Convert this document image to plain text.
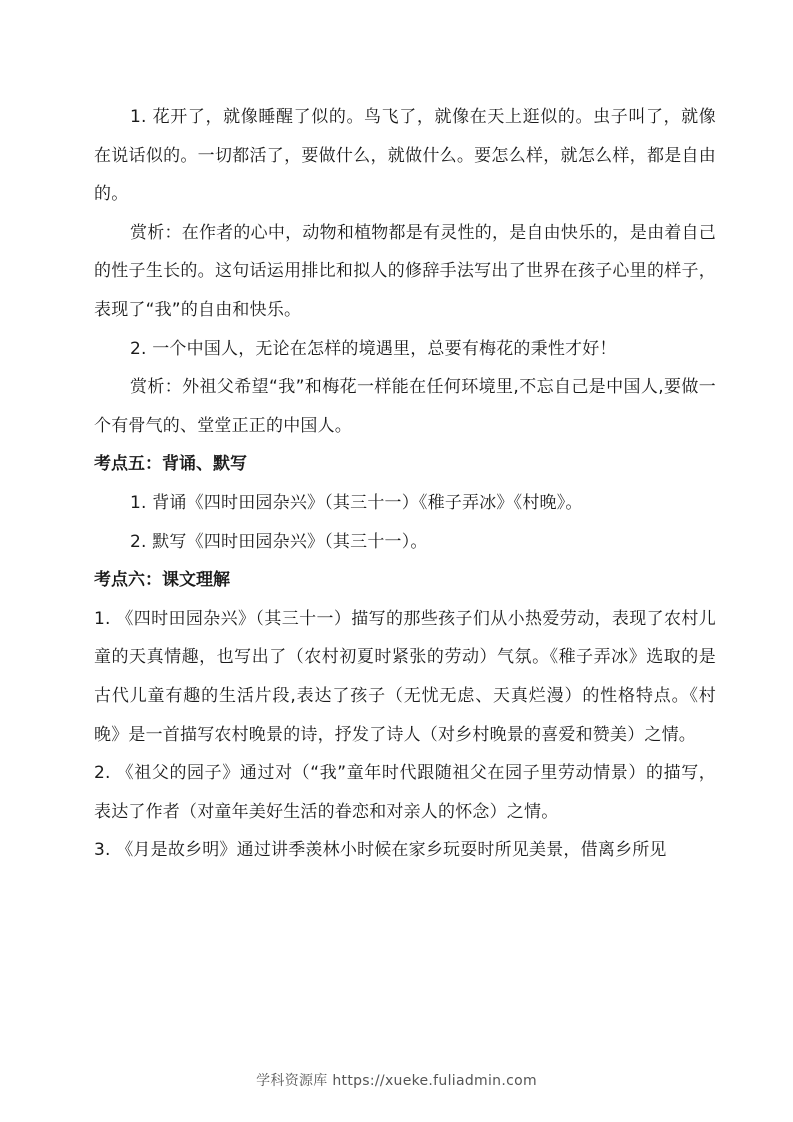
1. 花开了，就像睡醒了似的。鸟飞了，就像在天上逛似的。虫子叫了，就像在说话似的。一切都活了，要做什么，就做什么。要怎么样，就怎么样，都是自由的。

赏析：在作者的心中，动物和植物都是有灵性的，是自由快乐的，是由着自己的性子生长的。这句话运用排比和拟人的修辞手法写出了世界在孩子心里的样子，表现了“我”的自由和快乐。

2. 一个中国人，无论在怎样的境遇里，总要有梅花的秉性才好！

赏析：外祖父希望“我”和梅花一样能在任何环境里,不忘自己是中国人,要做一个有骨气的、堂堂正正的中国人。

考点五：背诵、默写

1. 背诵《四时田园杂兴》（其三十一）《稚子弄冰》《村晚》。

2. 默写《四时田园杂兴》（其三十一）。

考点六：课文理解

1. 《四时田园杂兴》（其三十一）描写的那些孩子们从小热爱劳动，表现了农村儿童的天真情趣，也写出了（农村初夏时紧张的劳动）气氛。《稚子弄冰》选取的是古代儿童有趣的生活片段,表达了孩子（无忧无虑、天真烂漫）的性格特点。《村晚》是一首描写农村晚景的诗，抒发了诗人（对乡村晚景的喜爱和赞美）之情。

2. 《祖父的园子》通过对（“我”童年时代跟随祖父在园子里劳动情景）的描写，表达了作者（对童年美好生活的眷恋和对亲人的怀念）之情。

3. 《月是故乡明》通过讲季羡林小时候在家乡玩耍时所见美景，借离乡所见

学科资源库 https://xueke.fuliadmin.com
